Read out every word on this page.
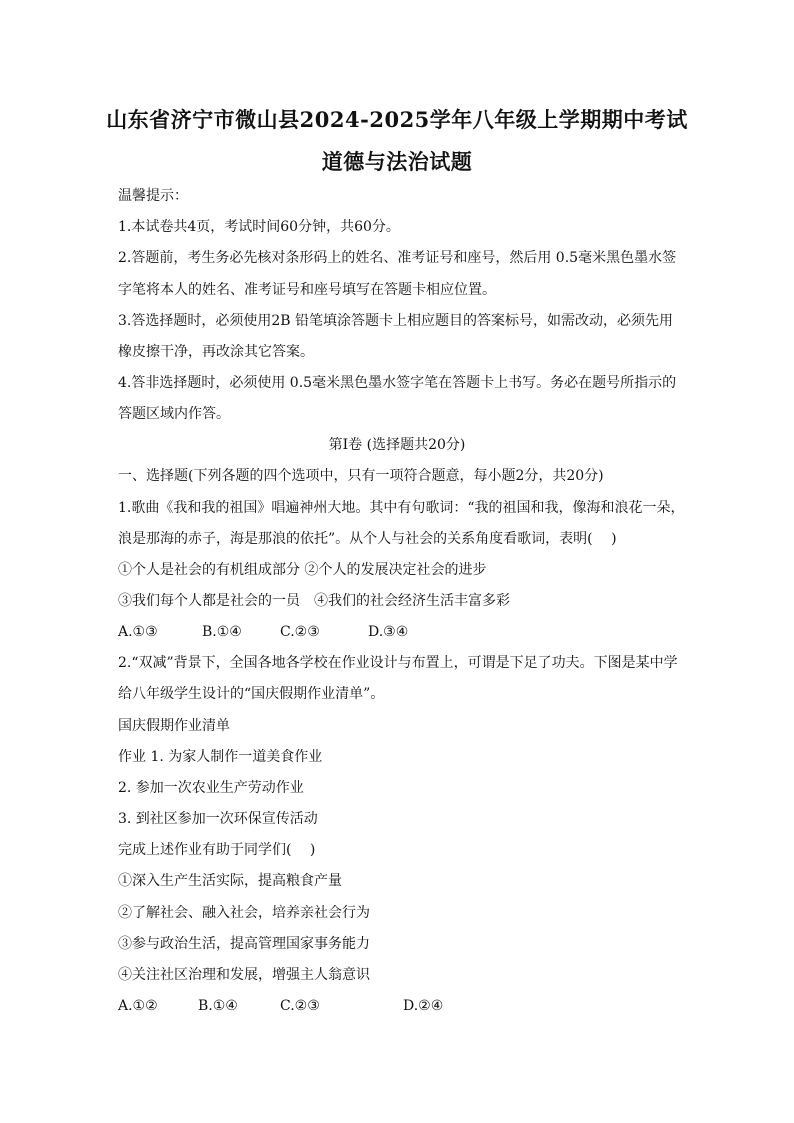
山东省济宁市微山县2024-2025学年八年级上学期期中考试
道德与法治试题
温馨提示：
1.本试卷共4页，考试时间60分钟，共60分。
2.答题前，考生务必先核对条形码上的姓名、准考证号和座号，然后用 0.5毫米黑色墨水签
字笔将本人的姓名、准考证号和座号填写在答题卡相应位置。
3.答选择题时，必须使用2B 铅笔填涂答题卡上相应题目的答案标号，如需改动，必须先用
橡皮擦干净，再改涂其它答案。
4.答非选择题时，必须使用 0.5毫米黑色墨水签字笔在答题卡上书写。务必在题号所指示的
答题区域内作答。
第Ⅰ卷 (选择题共20分)
一、选择题(下列各题的四个选项中，只有一项符合题意，每小题2分，共20分)
1.歌曲《我和我的祖国》唱遍神州大地。其中有句歌词：“我的祖国和我，像海和浪花一朵，
浪是那海的赤子，海是那浪的依托”。从个人与社会的关系角度看歌词，表明(　 )
①个人是社会的有机组成部分 ②个人的发展决定社会的进步
③我们每个人都是社会的一员　④我们的社会经济生活丰富多彩
A.①③	B.①④	C.②③	D.③④
2.“双减”背景下，全国各地各学校在作业设计与布置上，可谓是下足了功夫。下图是某中学
给八年级学生设计的“国庆假期作业清单”。
国庆假期作业清单
作业 1. 为家人制作一道美食作业
2. 参加一次农业生产劳动作业
3. 到社区参加一次环保宣传活动
完成上述作业有助于同学们(　 )
①深入生产生活实际，提高粮食产量
②了解社会、融入社会，培养亲社会行为
③参与政治生活，提高管理国家事务能力
④关注社区治理和发展，增强主人翁意识
A.①②	B.①④	C.②③	D.②④
